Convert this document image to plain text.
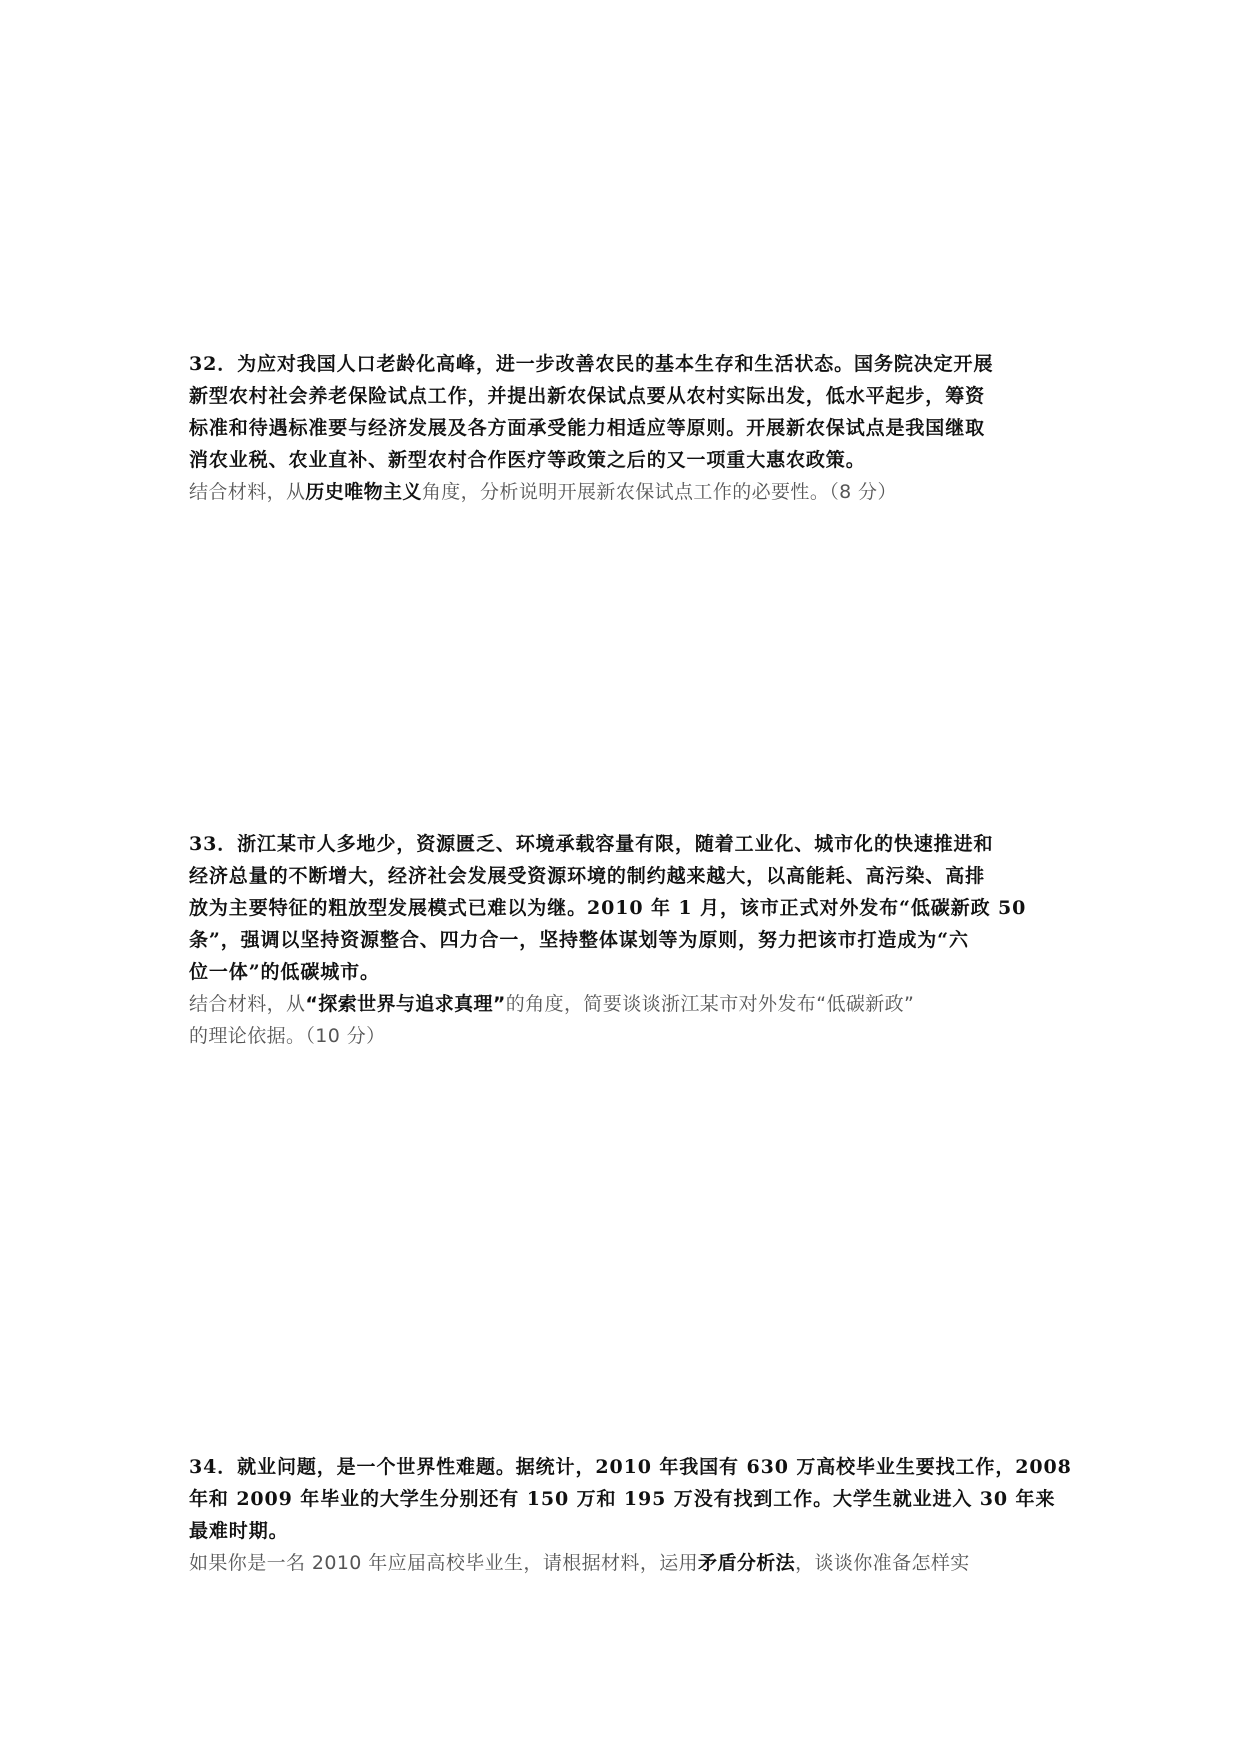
32．为应对我国人口老龄化高峰，进一步改善农民的基本生存和生活状态。国务院决定开展
新型农村社会养老保险试点工作，并提出新农保试点要从农村实际出发，低水平起步，筹资
标准和待遇标准要与经济发展及各方面承受能力相适应等原则。开展新农保试点是我国继取
消农业税、农业直补、新型农村合作医疗等政策之后的又一项重大惠农政策。
结合材料，从历史唯物主义角度，分析说明开展新农保试点工作的必要性。（8 分）
33．浙江某市人多地少，资源匮乏、环境承载容量有限，随着工业化、城市化的快速推进和
经济总量的不断增大，经济社会发展受资源环境的制约越来越大，以高能耗、高污染、高排
放为主要特征的粗放型发展模式已难以为继。2010 年 1 月，该市正式对外发布“低碳新政 50
条”，强调以坚持资源整合、四力合一，坚持整体谋划等为原则，努力把该市打造成为“六
位一体”的低碳城市。
结合材料，从“探索世界与追求真理”的角度，简要谈谈浙江某市对外发布“低碳新政”
的理论依据。（10 分）
34．就业问题，是一个世界性难题。据统计，2010 年我国有 630 万高校毕业生要找工作，2008
年和 2009 年毕业的大学生分别还有 150 万和 195 万没有找到工作。大学生就业进入 30 年来
最难时期。
如果你是一名 2010 年应届高校毕业生，请根据材料，运用矛盾分析法，谈谈你准备怎样实
